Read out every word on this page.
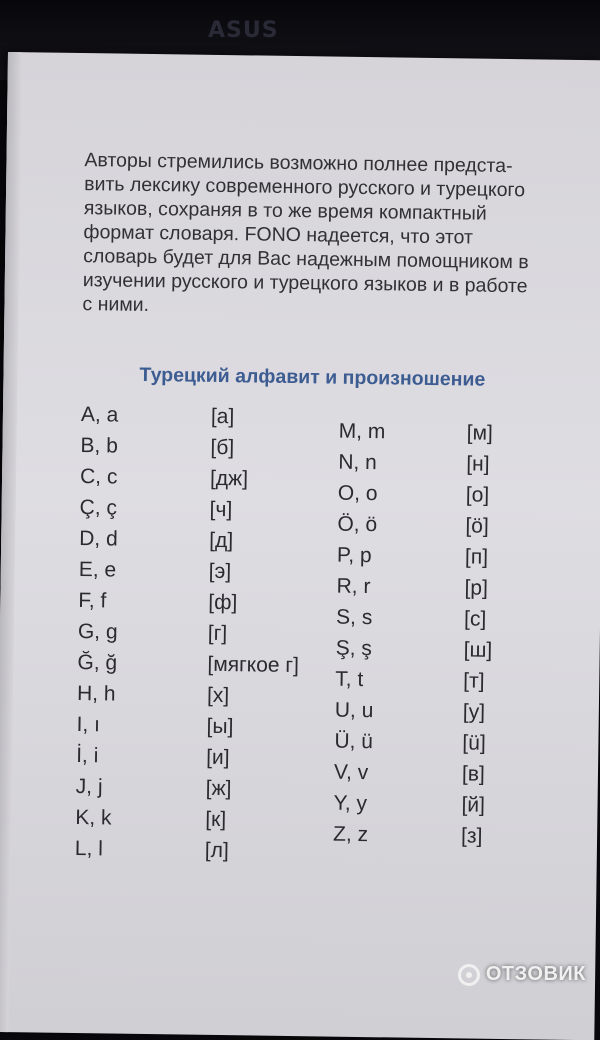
ASUS

Авторы стремились возможно полнее предста-
вить лексику современного русского и турецкого
языков, сохраняя в то же время компактный
формат словаря. FONO надеется, что этот
словарь будет для Вас надежным помощником в
изучении русского и турецкого языков и в работе
с ними.

Турецкий алфавит и произношение
A, a	[а]
B, b	[б]
C, c	[дж]
Ç, ç	[ч]
D, d	[д]
E, e	[э]
F, f	[ф]
G, g	[г]
Ğ, ğ	[мягкое г]
H, h	[х]
I, ı	[ы]
İ, i	[и]
J, j	[ж]
K, k	[к]
L, l	[л]
M, m	[м]
N, n	[н]
O, o	[о]
Ö, ö	[ö]
P, p	[п]
R, r	[р]
S, s	[с]
Ş, ş	[ш]
T, t	[т]
U, u	[у]
Ü, ü	[ü]
V, v	[в]
Y, y	[й]
Z, z	[з]
ОТЗОВИК
